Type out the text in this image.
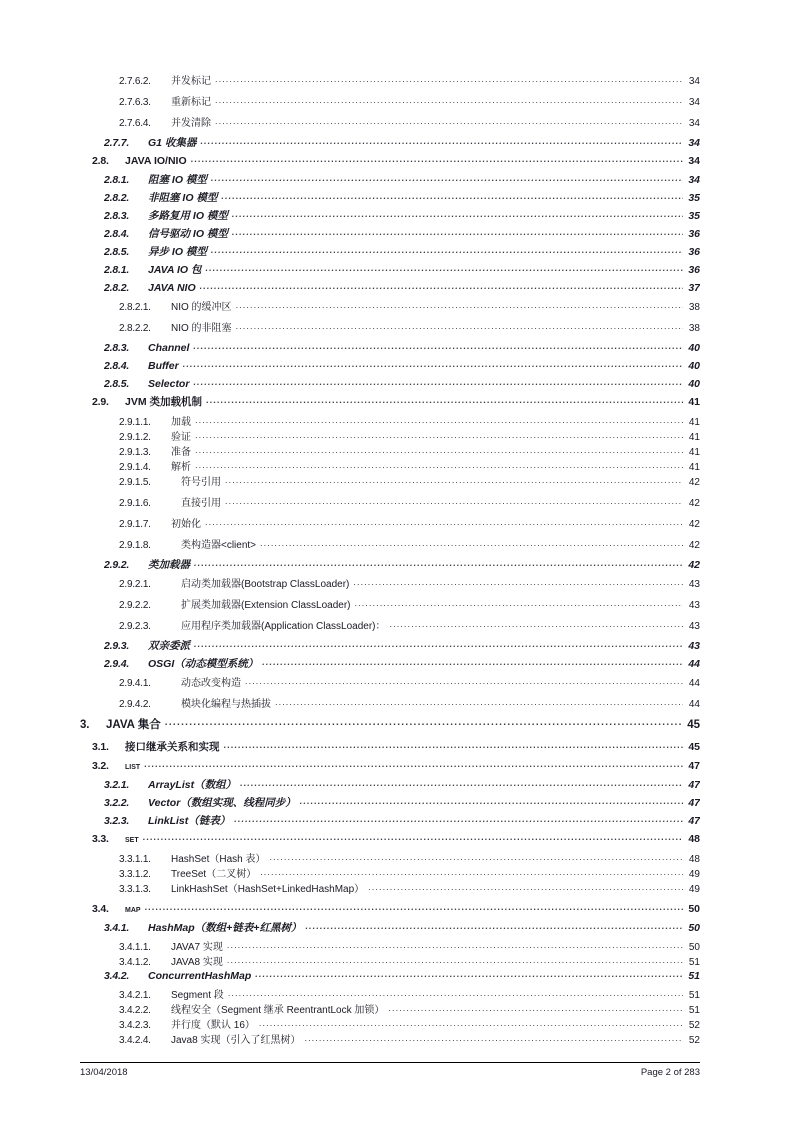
2.7.6.2.	并发标记 .....	34
2.7.6.3.	重新标记 .....	34
2.7.6.4.	并发清除 .....	34
2.7.7.	G1 收集器 .....	34
2.8.	JAVA IO/NIO .....	34
2.8.1.	阻塞 IO 模型 .....	34
2.8.2.	非阻塞 IO 模型 .....	35
2.8.3.	多路复用 IO 模型 .....	35
2.8.4.	信号驱动 IO 模型 .....	36
2.8.5.	异步 IO 模型 .....	36
2.8.1.	JAVA IO 包 .....	36
2.8.2.	JAVA NIO .....	37
2.8.2.1.	NIO 的缓冲区 .....	38
2.8.2.2.	NIO 的非阻塞 .....	38
2.8.3.	Channel .....	40
2.8.4.	Buffer .....	40
2.8.5.	Selector .....	40
2.9.	JVM 类加载机制 .....	41
2.9.1.1.	加载 .....	41
2.9.1.2.	验证 .....	41
2.9.1.3.	准备 .....	41
2.9.1.4.	解析 .....	41
2.9.1.5.	符号引用 .....	42
2.9.1.6.	直接引用 .....	42
2.9.1.7.	初始化 .....	42
2.9.1.8.	类构造器<client> .....	42
2.9.2.	类加载器 .....	42
2.9.2.1.	启动类加载器(Bootstrap ClassLoader) .....	43
2.9.2.2.	扩展类加载器(Extension ClassLoader) .....	43
2.9.2.3.	应用程序类加载器(Application ClassLoader)： .....	43
2.9.3.	双亲委派 .....	43
2.9.4.	OSGI（动态模型系统） .....	44
2.9.4.1.	动态改变构造 .....	44
2.9.4.2.	模块化编程与热插拔 .....	44
3.	JAVA 集合 .....	45
3.1.	接口继承关系和实现 .....	45
3.2.	list .....	47
3.2.1.	ArrayList（数组） .....	47
3.2.2.	Vector（数组实现、线程同步） .....	47
3.2.3.	LinkList（链表） .....	47
3.3.	set .....	48
3.3.1.1.	HashSet（Hash 表） .....	48
3.3.1.2.	TreeSet（二叉树） .....	49
3.3.1.3.	LinkHashSet（HashSet+LinkedHashMap） .....	49
3.4.	map .....	50
3.4.1.	HashMap（数组+链表+红黑树） .....	50
3.4.1.1.	JAVA7 实现 .....	50
3.4.1.2.	JAVA8 实现 .....	51
3.4.2.	ConcurrentHashMap .....	51
3.4.2.1.	Segment 段 .....	51
3.4.2.2.	线程安全（Segment 继承 ReentrantLock 加锁） .....	51
3.4.2.3.	并行度（默认 16） .....	52
3.4.2.4.	Java8 实现（引入了红黑树） .....	52
13/04/2018	Page 2 of 283
